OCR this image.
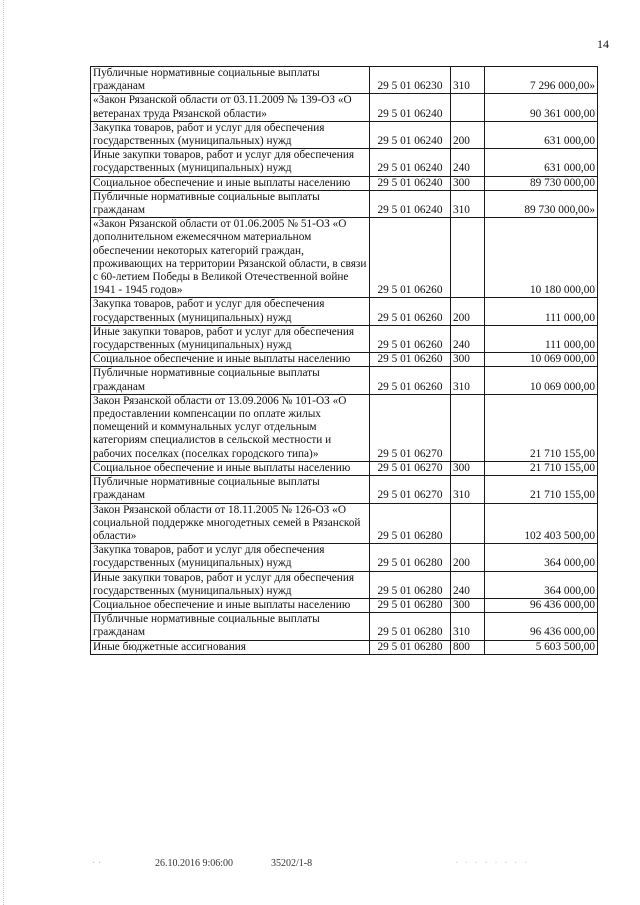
14
Публичные нормативные социальные выплаты гражданам	29 5 01 06230	310	7 296 000,00»
«Закон Рязанской области от 03.11.2009 № 139-ОЗ «О ветеранах труда Рязанской области»	29 5 01 06240		90 361 000,00
Закупка товаров, работ и услуг для обеспечения государственных (муниципальных) нужд	29 5 01 06240	200	631 000,00
Иные закупки товаров, работ и услуг для обеспечения государственных (муниципальных) нужд	29 5 01 06240	240	631 000,00
Социальное обеспечение и иные выплаты населению	29 5 01 06240	300	89 730 000,00
Публичные нормативные социальные выплаты гражданам	29 5 01 06240	310	89 730 000,00»
«Закон Рязанской области от 01.06.2005 № 51-ОЗ «О дополнительном ежемесячном материальном обеспечении некоторых категорий граждан, проживающих на территории Рязанской области, в связи с 60-летием Победы в Великой Отечественной войне 1941 - 1945 годов»	29 5 01 06260		10 180 000,00
Закупка товаров, работ и услуг для обеспечения государственных (муниципальных) нужд	29 5 01 06260	200	111 000,00
Иные закупки товаров, работ и услуг для обеспечения государственных (муниципальных) нужд	29 5 01 06260	240	111 000,00
Социальное обеспечение и иные выплаты населению	29 5 01 06260	300	10 069 000,00
Публичные нормативные социальные выплаты гражданам	29 5 01 06260	310	10 069 000,00
Закон Рязанской области от 13.09.2006 № 101-ОЗ «О предоставлении компенсации по оплате жилых помещений и коммунальных услуг отдельным категориям специалистов в сельской местности и рабочих поселках (поселках городского типа)»	29 5 01 06270		21 710 155,00
Социальное обеспечение и иные выплаты населению	29 5 01 06270	300	21 710 155,00
Публичные нормативные социальные выплаты гражданам	29 5 01 06270	310	21 710 155,00
Закон Рязанской области от 18.11.2005 № 126-ОЗ «О социальной поддержке многодетных семей в Рязанской области»	29 5 01 06280		102 403 500,00
Закупка товаров, работ и услуг для обеспечения государственных (муниципальных) нужд	29 5 01 06280	200	364 000,00
Иные закупки товаров, работ и услуг для обеспечения государственных (муниципальных) нужд	29 5 01 06280	240	364 000,00
Социальное обеспечение и иные выплаты населению	29 5 01 06280	300	96 436 000,00
Публичные нормативные социальные выплаты гражданам	29 5 01 06280	310	96 436 000,00
Иные бюджетные ассигнования	29 5 01 06280	800	5 603 500,00
· ·	26.10.2016 9:06:00	35202/1-8	· · · · · · · ·
